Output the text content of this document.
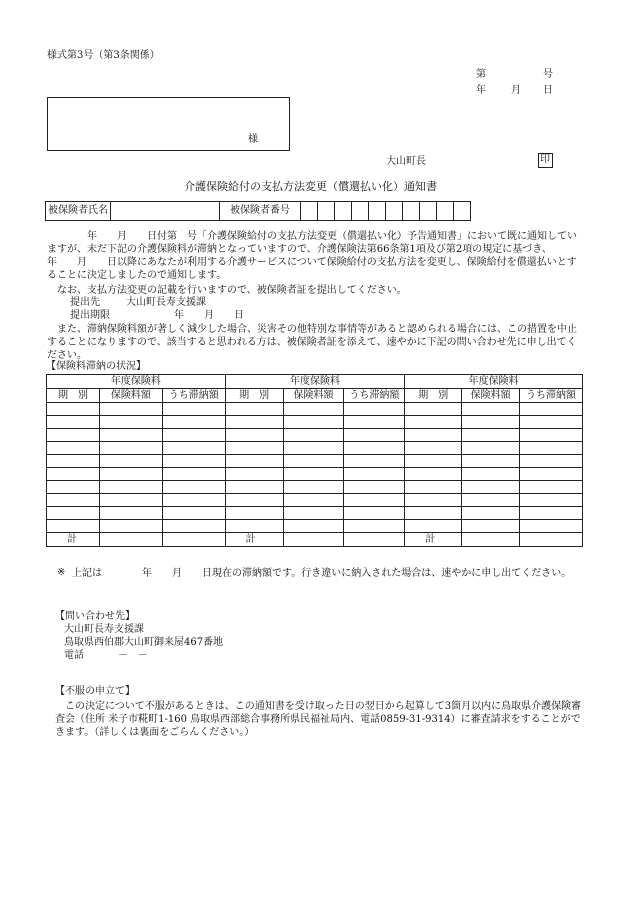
様式第3号（第3条関係）
第	号
年	月 日
様
大山町長	印
介護保険給付の支払方法変更（償還払い化）通知書
被保険者氏名		被保険者番号										
　　　　年　　月　　日付第　号「介護保険給付の支払方法変更（償還払い化）予告通知書」において既に通知していますが、未だ下記の介護保険料が滞納となっていますので、介護保険法第66条第1項及び第2項の規定に基づき、　　　　年　　月　　日以降にあなたが利用する介護サービスについて保険給付の支払方法を変更し、保険給付を償還払いとすることに決定しましたので通知します。
　なお、支払方法変更の記載を行いますので、被保険者証を提出してください。
提出先	大山町長寿支援課
提出期限	年　　月　　日
　また、滞納保険料額が著しく減少した場合、災害その他特別な事情等があると認められる場合には、この措置を中止することになりますので、該当すると思われる方は、被保険者証を添えて、速やかに下記の問い合わせ先に申し出てください。
【保険料滞納の状況】
年度保険料			年度保険料			年度保険料		
期　別	保険料額	うち滞納額	期　別	保険料額	うち滞納額	期　別	保険料額	うち滞納額

計			計			計		
※ 上記は　　　　年　　月　　日現在の滞納額です。行き違いに納入された場合は、速やかに申し出てください。
【問い合わせ先】
大山町長寿支援課
鳥取県西伯郡大山町御来屋467番地
電話	－　－
【不服の申立て】
この決定について不服があるときは、この通知書を受け取った日の翌日から起算して3箇月以内に鳥取県介護保険審査会（住所 米子市糀町1-160 鳥取県西部総合事務所県民福祉局内、電話0859-31-9314）に審査請求をすることができます。（詳しくは裏面をごらんください。）
